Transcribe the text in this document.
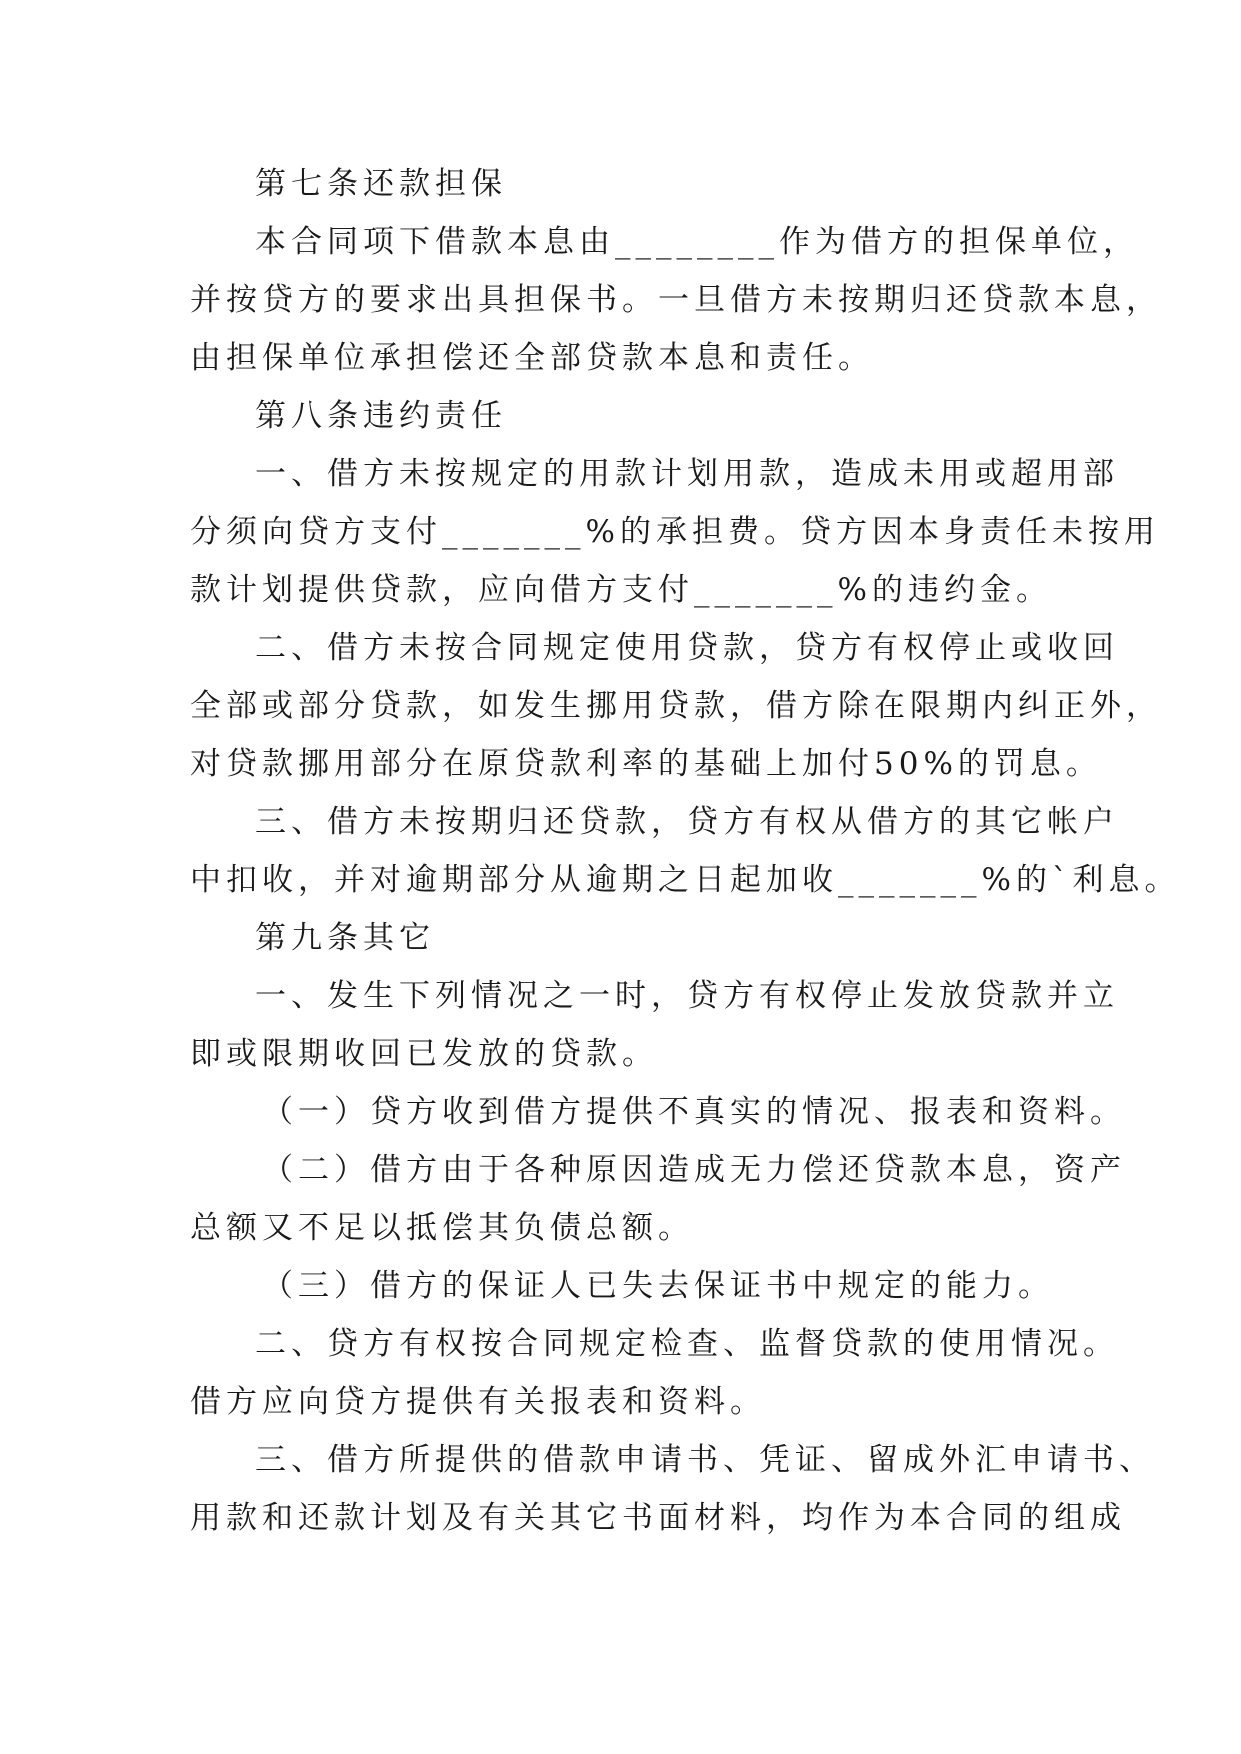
第七条还款担保
本合同项下借款本息由________作为借方的担保单位，
并按贷方的要求出具担保书。一旦借方未按期归还贷款本息，
由担保单位承担偿还全部贷款本息和责任。
第八条违约责任
一、借方未按规定的用款计划用款，造成未用或超用部
分须向贷方支付_______%的承担费。贷方因本身责任未按用
款计划提供贷款，应向借方支付_______%的违约金。
二、借方未按合同规定使用贷款，贷方有权停止或收回
全部或部分贷款，如发生挪用贷款，借方除在限期内纠正外，
对贷款挪用部分在原贷款利率的基础上加付50%的罚息。
三、借方未按期归还贷款，贷方有权从借方的其它帐户
中扣收，并对逾期部分从逾期之日起加收_______%的`利息。
第九条其它
一、发生下列情况之一时，贷方有权停止发放贷款并立
即或限期收回已发放的贷款。
（一）贷方收到借方提供不真实的情况、报表和资料。
（二）借方由于各种原因造成无力偿还贷款本息，资产
总额又不足以抵偿其负债总额。
（三）借方的保证人已失去保证书中规定的能力。
二、贷方有权按合同规定检查、监督贷款的使用情况。
借方应向贷方提供有关报表和资料。
三、借方所提供的借款申请书、凭证、留成外汇申请书、
用款和还款计划及有关其它书面材料，均作为本合同的组成
